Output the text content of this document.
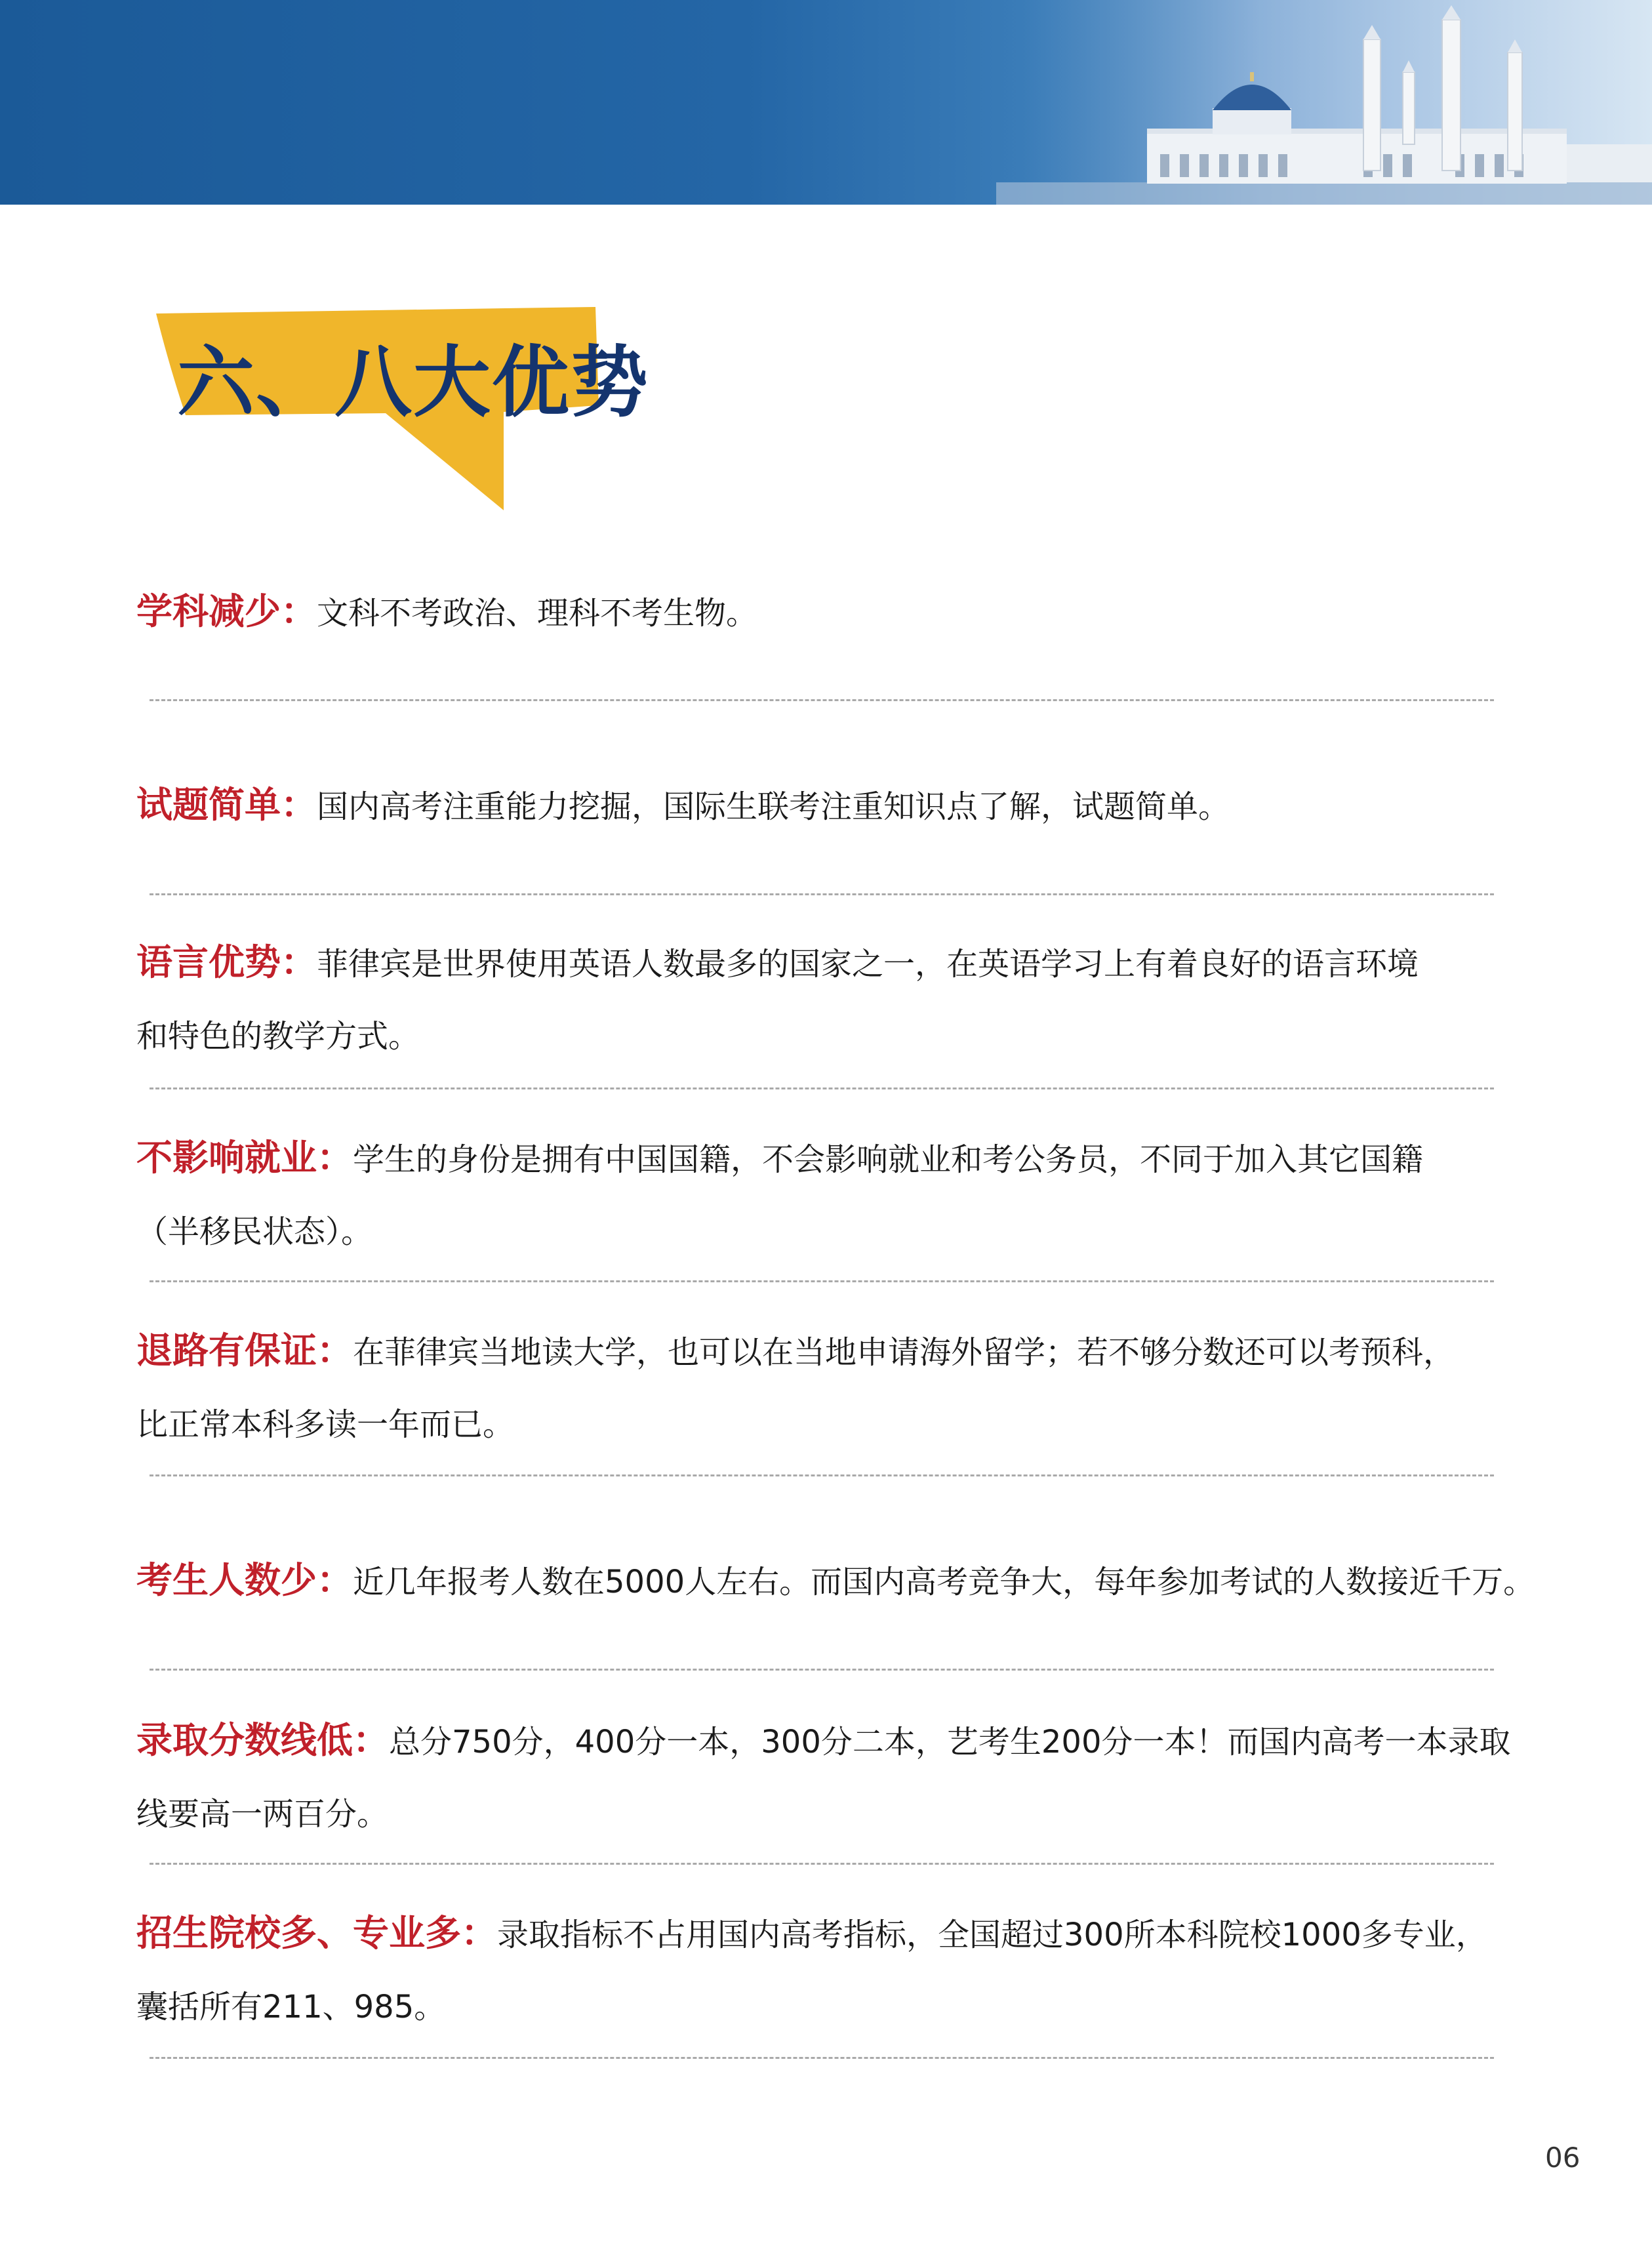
六、八大优势
学科减少：文科不考政治、理科不考生物。
试题简单：国内高考注重能力挖掘，国际生联考注重知识点了解，试题简单。
语言优势：菲律宾是世界使用英语人数最多的国家之一，在英语学习上有着良好的语言环境
和特色的教学方式。
不影响就业：学生的身份是拥有中国国籍，不会影响就业和考公务员，不同于加入其它国籍
（半移民状态）。
退路有保证：在菲律宾当地读大学，也可以在当地申请海外留学；若不够分数还可以考预科，
比正常本科多读一年而已。
考生人数少：近几年报考人数在5000人左右。而国内高考竞争大，每年参加考试的人数接近千万。
录取分数线低：总分750分，400分一本，300分二本，艺考生200分一本！而国内高考一本录取
线要高一两百分。
招生院校多、专业多：录取指标不占用国内高考指标，全国超过300所本科院校1000多专业，
囊括所有211、985。
06
